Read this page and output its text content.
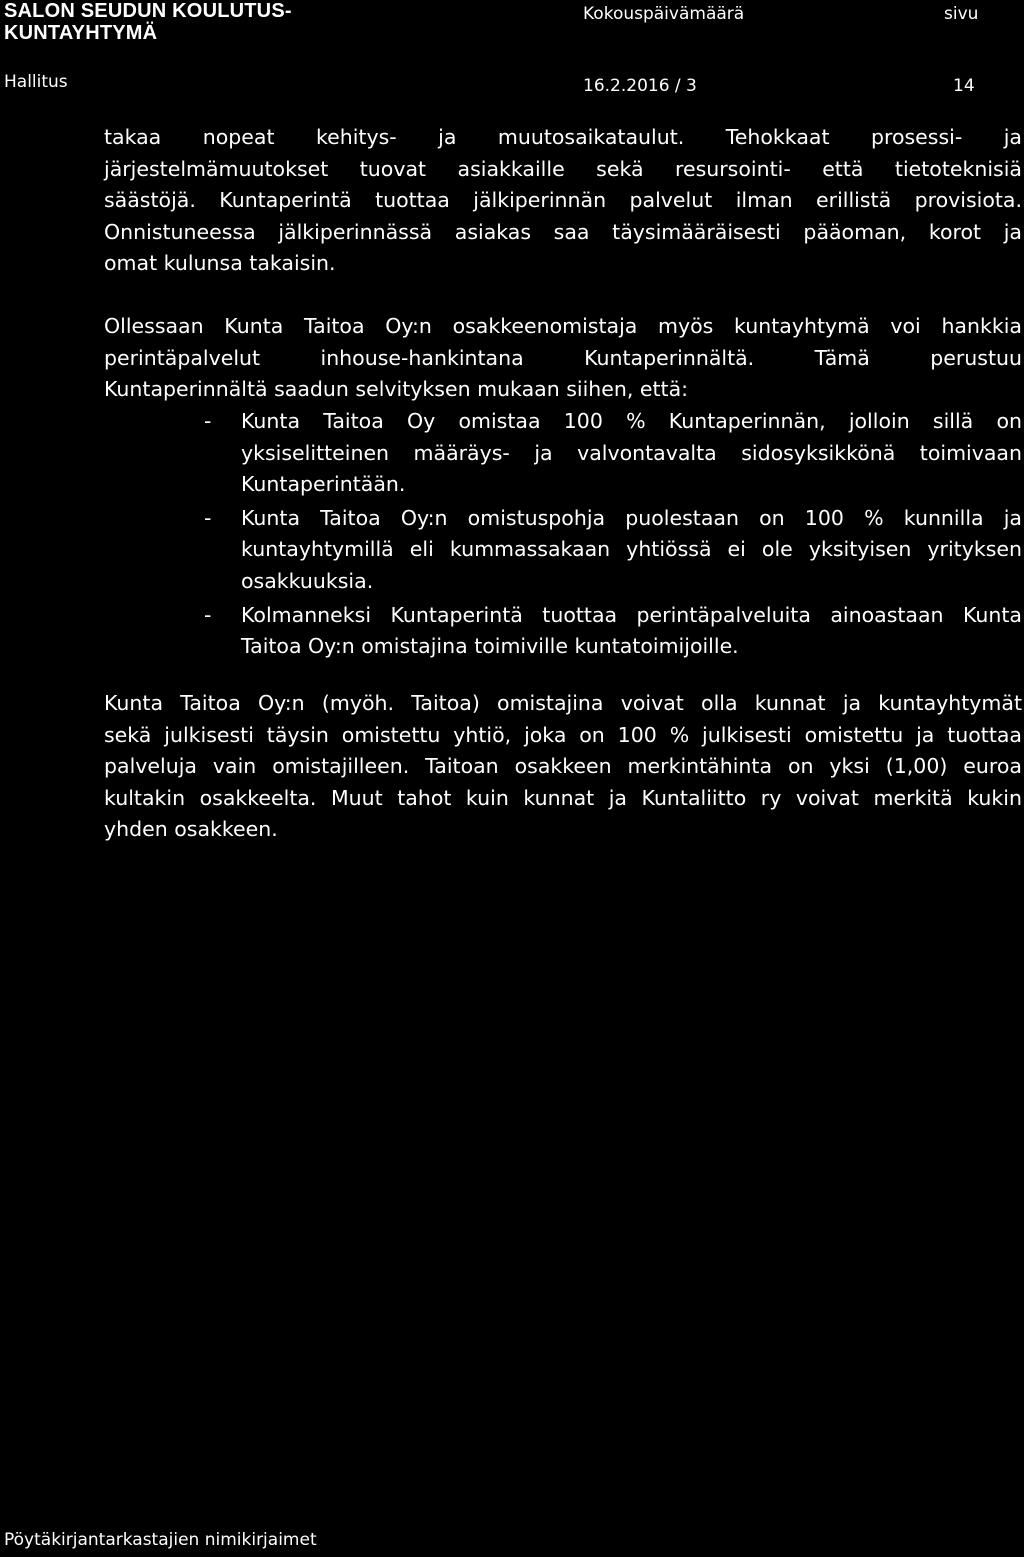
SALON SEUDUN KOULUTUS-
KUNTAYHTYMÄ
Kokouspäivämäärä	sivu
Hallitus	16.2.2016 / 3	14
takaa nopeat kehitys- ja muutosaikataulut. Tehokkaat prosessi- ja
järjestelmämuutokset tuovat asiakkaille sekä resursointi- että tietoteknisiä
säästöjä. Kuntaperintä tuottaa jälkiperinnän palvelut ilman erillistä provisiota.
Onnistuneessa jälkiperinnässä asiakas saa täysimääräisesti pääoman, korot ja
omat kulunsa takaisin.
Ollessaan Kunta Taitoa Oy:n osakkeenomistaja myös kuntayhtymä voi hankkia
perintäpalvelut inhouse-hankintana Kuntaperinnältä. Tämä perustuu
Kuntaperinnältä saadun selvityksen mukaan siihen, että:
- Kunta Taitoa Oy omistaa 100 % Kuntaperinnän, jolloin sillä on
yksiselitteinen määräys- ja valvontavalta sidosyksikkönä toimivaan
Kuntaperintään.
- Kunta Taitoa Oy:n omistuspohja puolestaan on 100 % kunnilla ja
kuntayhtymillä eli kummassakaan yhtiössä ei ole yksityisen yrityksen
osakkuuksia.
- Kolmanneksi Kuntaperintä tuottaa perintäpalveluita ainoastaan Kunta
Taitoa Oy:n omistajina toimiville kuntatoimijoille.
Kunta Taitoa Oy:n (myöh. Taitoa) omistajina voivat olla kunnat ja kuntayhtymät
sekä julkisesti täysin omistettu yhtiö, joka on 100 % julkisesti omistettu ja tuottaa
palveluja vain omistajilleen. Taitoan osakkeen merkintähinta on yksi (1,00) euroa
kultakin osakkeelta. Muut tahot kuin kunnat ja Kuntaliitto ry voivat merkitä kukin
yhden osakkeen.
Pöytäkirjantarkastajien nimikirjaimet
